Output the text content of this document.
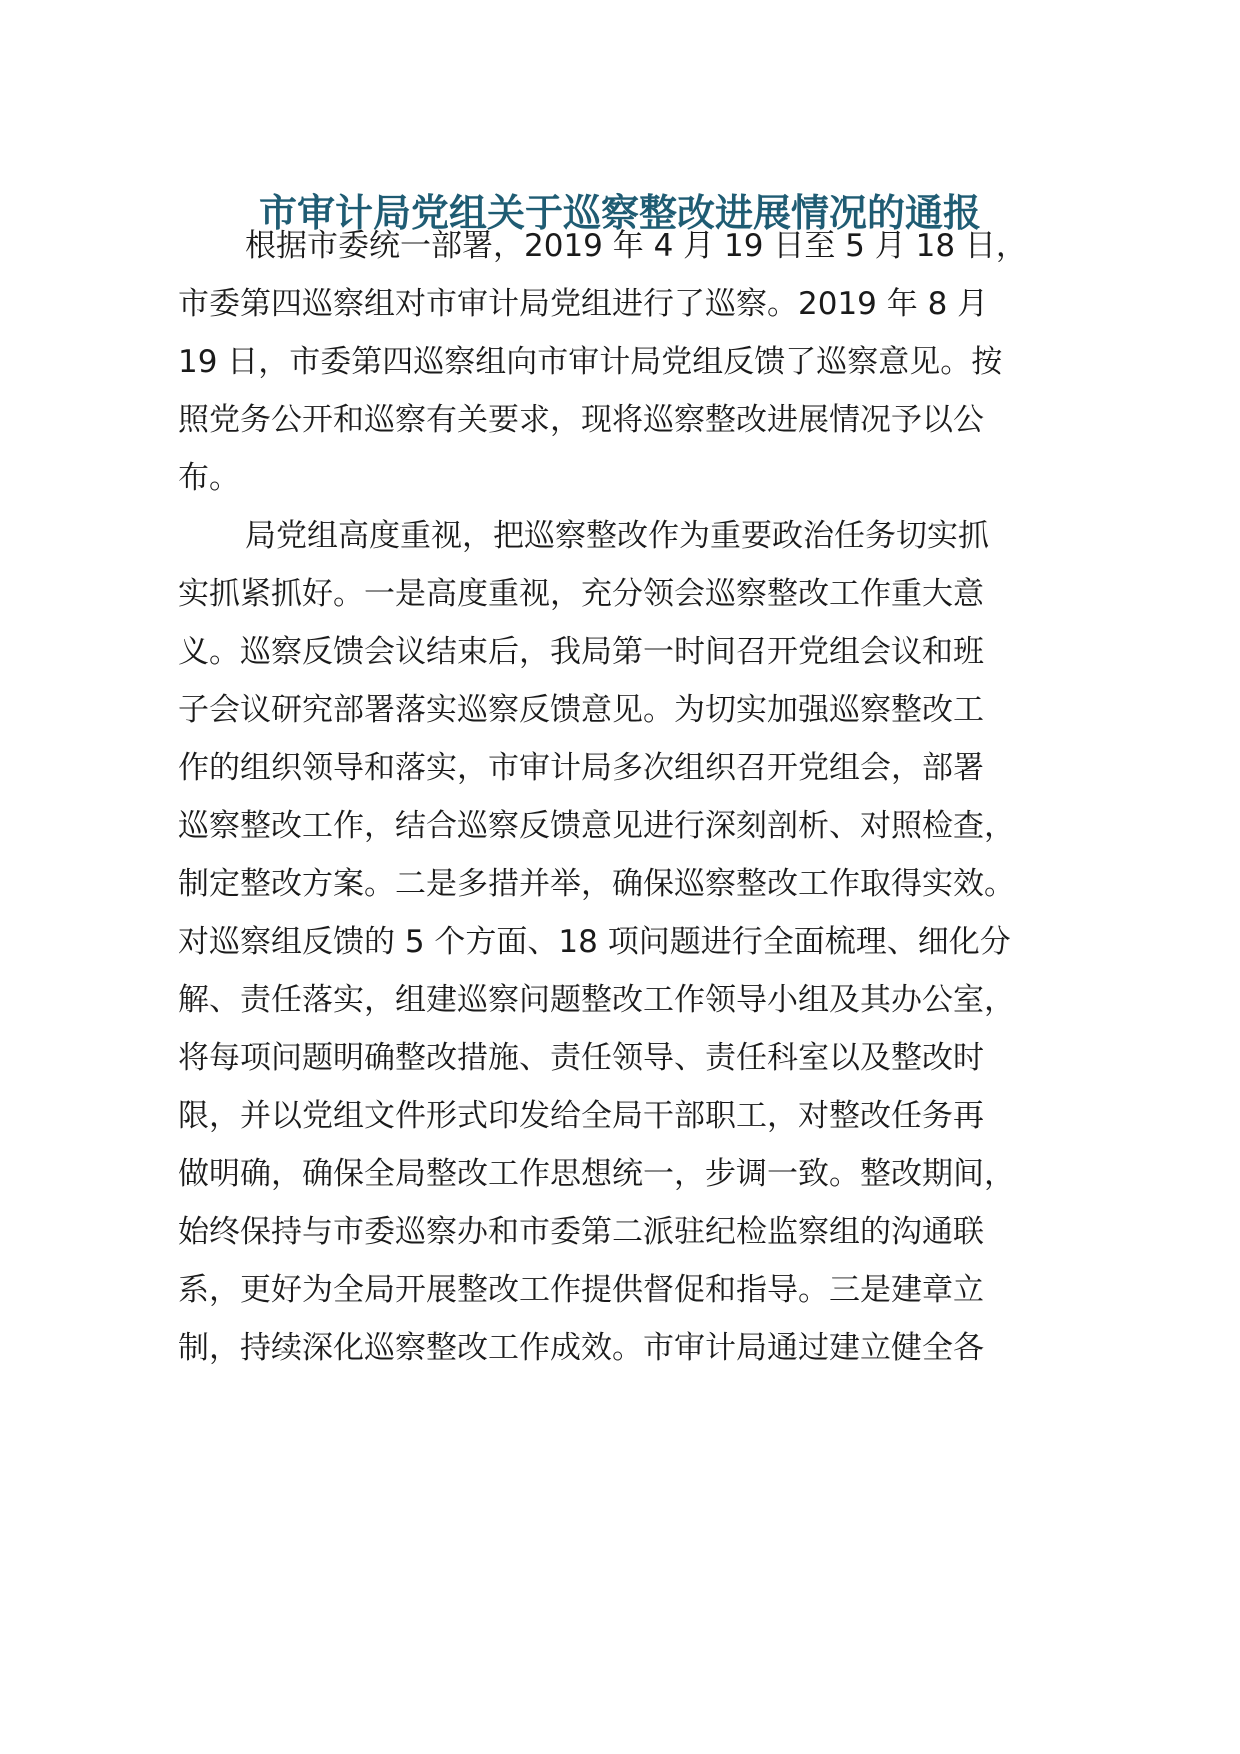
市审计局党组关于巡察整改进展情况的通报
根据市委统一部署，2019 年 4 月 19 日至 5 月 18 日，
市委第四巡察组对市审计局党组进行了巡察。2019 年 8 月
19 日，市委第四巡察组向市审计局党组反馈了巡察意见。按
照党务公开和巡察有关要求，现将巡察整改进展情况予以公
布。
局党组高度重视，把巡察整改作为重要政治任务切实抓
实抓紧抓好。一是高度重视，充分领会巡察整改工作重大意
义。巡察反馈会议结束后，我局第一时间召开党组会议和班
子会议研究部署落实巡察反馈意见。为切实加强巡察整改工
作的组织领导和落实，市审计局多次组织召开党组会，部署
巡察整改工作，结合巡察反馈意见进行深刻剖析、对照检查，
制定整改方案。二是多措并举，确保巡察整改工作取得实效。
对巡察组反馈的 5 个方面、18 项问题进行全面梳理、细化分
解、责任落实，组建巡察问题整改工作领导小组及其办公室，
将每项问题明确整改措施、责任领导、责任科室以及整改时
限，并以党组文件形式印发给全局干部职工，对整改任务再
做明确，确保全局整改工作思想统一，步调一致。整改期间，
始终保持与市委巡察办和市委第二派驻纪检监察组的沟通联
系，更好为全局开展整改工作提供督促和指导。三是建章立
制，持续深化巡察整改工作成效。市审计局通过建立健全各
